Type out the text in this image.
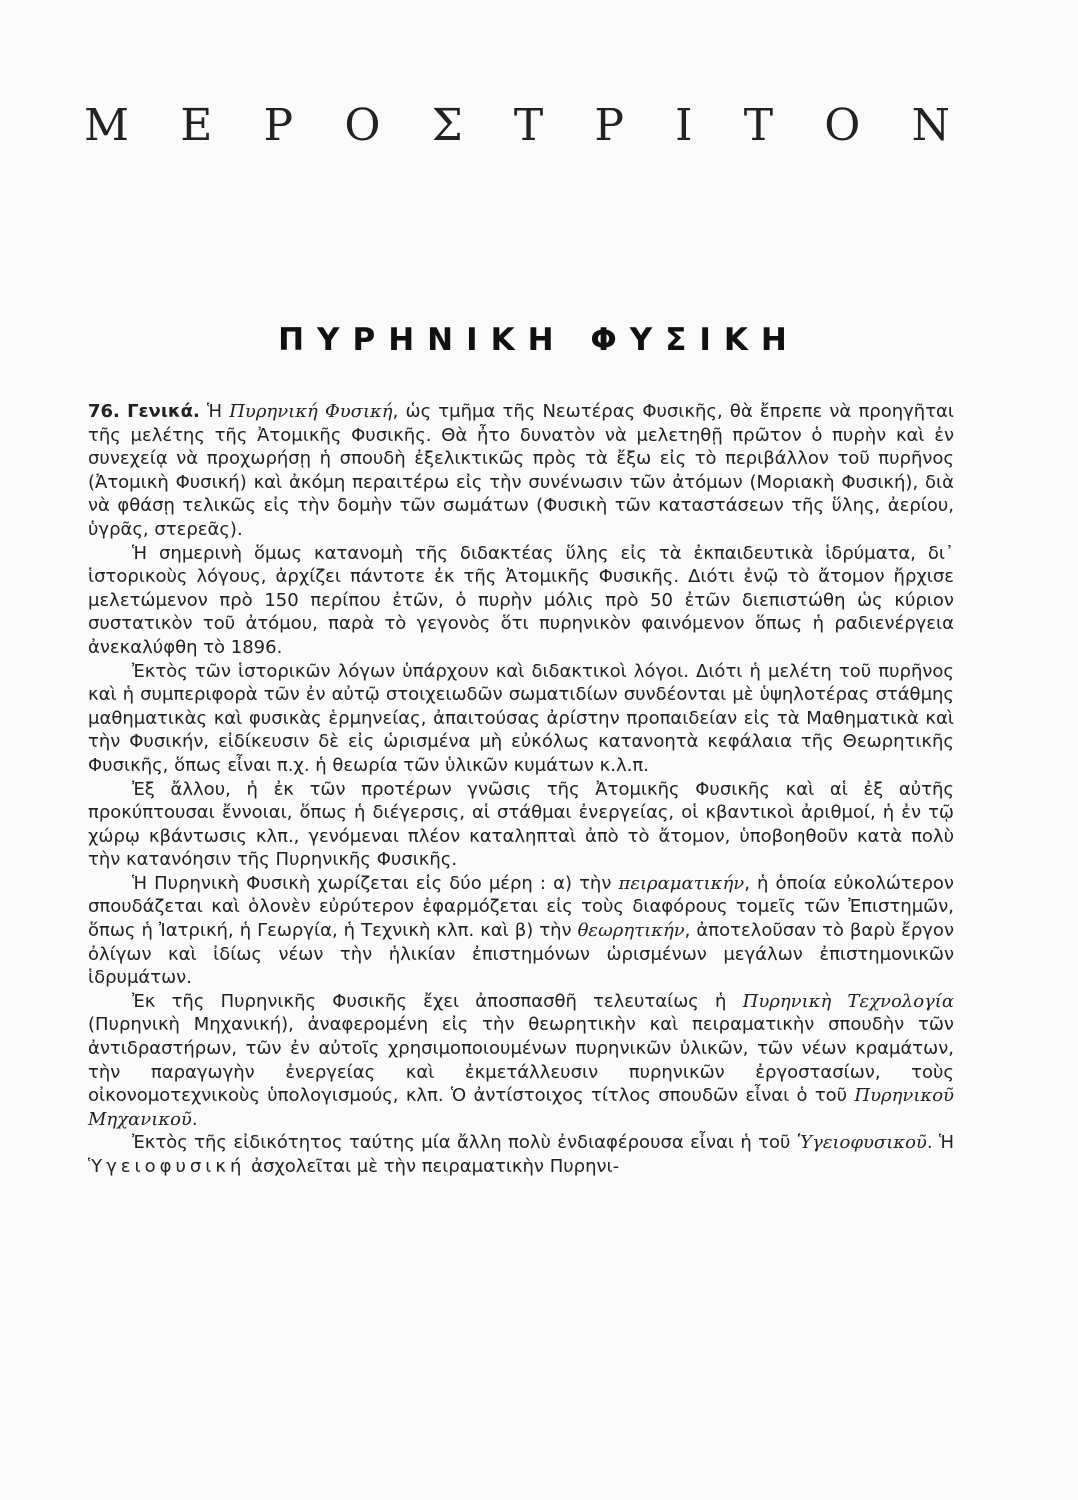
Μ Ε Ρ Ο Σ Τ Ρ Ι Τ Ο Ν
ΠΥΡΗΝΙΚΗ ΦΥΣΙΚΗ

76. Γενικά. Ἡ Πυρηνική Φυσική, ὡς τμῆμα τῆς Νεωτέρας Φυσικῆς, θὰ ἔπρεπε νὰ προηγῆται τῆς μελέτης τῆς Ἀτομικῆς Φυσικῆς. Θὰ ἦτο δυνατὸν νὰ μελετηθῇ πρῶτον ὁ πυρὴν καὶ ἐν συνεχείᾳ νὰ προχωρήσῃ ἡ σπουδὴ ἐξελικτικῶς πρὸς τὰ ἔξω εἰς τὸ περιβάλλον τοῦ πυρῆνος (Ἀτομικὴ Φυσική) καὶ ἀκόμη περαιτέρω εἰς τὴν συνένωσιν τῶν ἀτόμων (Μοριακὴ Φυσική), διὰ νὰ φθάσῃ τελικῶς εἰς τὴν δομὴν τῶν σωμάτων (Φυσικὴ τῶν καταστάσεων τῆς ὕλης, ἀερίου, ὑγρᾶς, στερεᾶς).

Ἡ σημερινὴ ὅμως κατανομὴ τῆς διδακτέας ὕλης εἰς τὰ ἐκπαιδευτικὰ ἱδρύματα, δι᾿ ἱστορικοὺς λόγους, ἀρχίζει πάντοτε ἐκ τῆς Ἀτομικῆς Φυσικῆς. Διότι ἐνῷ τὸ ἄτομον ἤρχισε μελετώμενον πρὸ 150 περίπου ἐτῶν, ὁ πυρὴν μόλις πρὸ 50 ἐτῶν διεπιστώθη ὡς κύριον συστατικὸν τοῦ ἀτόμου, παρὰ τὸ γεγονὸς ὅτι πυρηνικὸν φαινόμενον ὅπως ἡ ραδιενέργεια ἀνεκαλύφθη τὸ 1896.

Ἐκτὸς τῶν ἱστορικῶν λόγων ὑπάρχουν καὶ διδακτικοὶ λόγοι. Διότι ἡ μελέτη τοῦ πυρῆνος καὶ ἡ συμπεριφορὰ τῶν ἐν αὐτῷ στοιχειωδῶν σωματιδίων συνδέονται μὲ ὑψηλοτέρας στάθμης μαθηματικὰς καὶ φυσικὰς ἑρμηνείας, ἀπαιτούσας ἀρίστην προπαιδείαν εἰς τὰ Μαθηματικὰ καὶ τὴν Φυσικήν, εἰδίκευσιν δὲ εἰς ὡρισμένα μὴ εὐκόλως κατανοητὰ κεφάλαια τῆς Θεωρητικῆς Φυσικῆς, ὅπως εἶναι π.χ. ἡ θεωρία τῶν ὑλικῶν κυμάτων κ.λ.π.

Ἐξ ἄλλου, ἡ ἐκ τῶν προτέρων γνῶσις τῆς Ἀτομικῆς Φυσικῆς καὶ αἱ ἐξ αὐτῆς προκύπτουσαι ἔννοιαι, ὅπως ἡ διέγερσις, αἱ στάθμαι ἐνεργείας, οἱ κβαντικοὶ ἀριθμοί, ἡ ἐν τῷ χώρῳ κβάντωσις κλπ., γενόμεναι πλέον καταληπταὶ ἀπὸ τὸ ἄτομον, ὑποβοηθοῦν κατὰ πολὺ τὴν κατανόησιν τῆς Πυρηνικῆς Φυσικῆς.

Ἡ Πυρηνικὴ Φυσικὴ χωρίζεται εἰς δύο μέρη : α) τὴν πειραματικήν, ἡ ὁποία εὐκολώτερον σπουδάζεται καὶ ὁλονὲν εὐρύτερον ἐφαρμόζεται εἰς τοὺς διαφόρους τομεῖς τῶν Ἐπιστημῶν, ὅπως ἡ Ἰατρική, ἡ Γεωργία, ἡ Τεχνικὴ κλπ. καὶ β) τὴν θεωρητικήν, ἀποτελοῦσαν τὸ βαρὺ ἔργον ὀλίγων καὶ ἰδίως νέων τὴν ἡλικίαν ἐπιστημόνων ὡρισμένων μεγάλων ἐπιστημονικῶν ἱδρυμάτων.

Ἐκ τῆς Πυρηνικῆς Φυσικῆς ἔχει ἀποσπασθῆ τελευταίως ἡ Πυρηνικὴ Τεχνολογία (Πυρηνικὴ Μηχανική), ἀναφερομένη εἰς τὴν θεωρητικὴν καὶ πειραματικὴν σπουδὴν τῶν ἀντιδραστήρων, τῶν ἐν αὐτοῖς χρησιμοποιουμένων πυρηνικῶν ὑλικῶν, τῶν νέων κραμάτων, τὴν παραγωγὴν ἐνεργείας καὶ ἐκμετάλλευσιν πυρηνικῶν ἐργοστασίων, τοὺς οἰκονομοτεχνικοὺς ὑπολογισμούς, κλπ. Ὁ ἀντίστοιχος τίτλος σπουδῶν εἶναι ὁ τοῦ Πυρηνικοῦ Μηχανικοῦ.

Ἐκτὸς τῆς εἰδικότητος ταύτης μία ἄλλη πολὺ ἐνδιαφέρουσα εἶναι ἡ τοῦ Ὑγειοφυσικοῦ. Ἡ Ὑγειοφυσική ἀσχολεῖται μὲ τὴν πειραματικὴν Πυρηνι-
